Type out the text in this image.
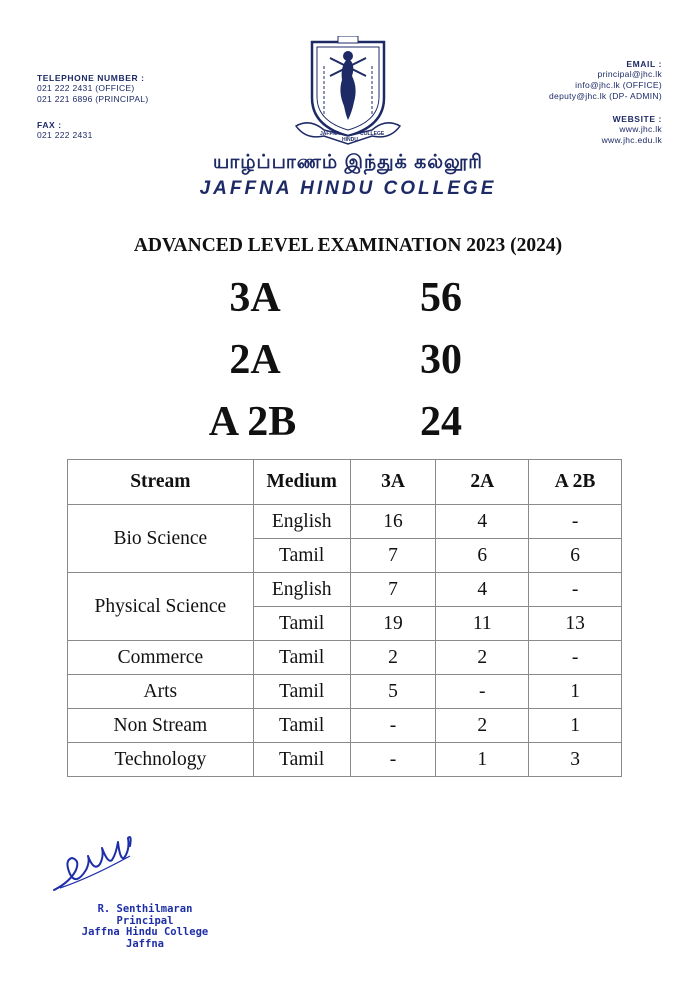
TELEPHONE NUMBER :
021 222 2431 (OFFICE)
021 221 6896 (PRINCIPAL)
FAX :
021 222 2431
EMAIL :
principal@jhc.lk
info@jhc.lk (OFFICE)
deputy@jhc.lk (DP- ADMIN)
WEBSITE :
www.jhc.lk
www.jhc.edu.lk
JAFFNA
HINDU
COLLEGE
யாழ்ப்பாணம் இந்துக் கல்லூரி
JAFFNA HINDU COLLEGE
ADVANCED LEVEL EXAMINATION 2023 (2024)
3A	56
2A	30
A 2B	24
Stream	Medium	3A	2A	A 2B
Bio Science	English	16	4	-
	Tamil	7	6	6
Physical Science	English	7	4	-
	Tamil	19	11	13
Commerce	Tamil	2	2	-
Arts	Tamil	5	-	1
Non Stream	Tamil	-	2	1
Technology	Tamil	-	1	3
R. Senthilmaran
Principal
Jaffna Hindu College
Jaffna
